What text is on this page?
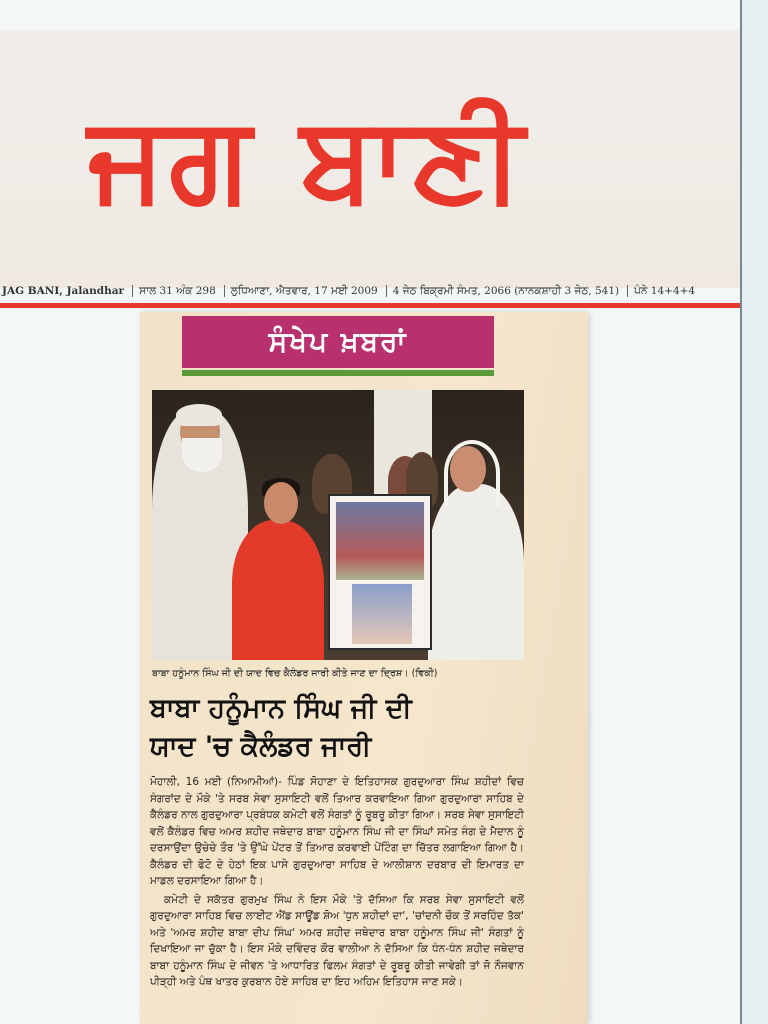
ਜਗ ਬਾਣੀ
JAG BANI, Jalandhar ਸਾਲ 31 ਅੰਕ 298 ਲੁਧਿਆਣਾ, ਐਤਵਾਰ, 17 ਮਈ 2009 4 ਜੇਠ ਬਿਕ੍ਰਮੀ ਸੰਮਤ, 2066 (ਨਾਨਕਸ਼ਾਹੀ 3 ਜੇਠ, 541) ਪੰਨੇ 14+4+4
ਸੰਖੇਪ ਖ਼ਬਰਾਂ
ਬਾਬਾ ਹਨੂੰਮਾਨ ਸਿੰਘ ਜੀ ਦੀ ਯਾਦ ਵਿਚ ਕੈਲੰਡਰ ਜਾਰੀ ਕੀਤੇ ਜਾਣ ਦਾ ਦ੍ਰਿਸ਼। (ਵਿਕੀ)
ਬਾਬਾ ਹਨੂੰਮਾਨ ਸਿੰਘ ਜੀ ਦੀ
ਯਾਦ 'ਚ ਕੈਲੰਡਰ ਜਾਰੀ

ਮੋਹਾਲੀ, 16 ਮਈ (ਨਿਆਮੀਆਂ)- ਪਿੰਡ ਸੋਹਾਣਾ ਦੇ ਇਤਿਹਾਸਕ ਗੁਰਦੁਆਰਾ ਸਿੰਘ ਸ਼ਹੀਦਾਂ ਵਿਚ ਸੰਗਰਾਂਦ ਦੇ ਮੌਕੇ 'ਤੇ ਸਰਬ ਸੇਵਾ ਸੁਸਾਇਟੀ ਵਲੋਂ ਤਿਆਰ ਕਰਵਾਇਆ ਗਿਆ ਗੁਰਦੁਆਰਾ ਸਾਹਿਬ ਦੇ ਕੈਲੰਡਰ ਨਾਲ ਗੁਰਦੁਆਰਾ ਪ੍ਰਬੰਧਕ ਕਮੇਟੀ ਵਲੋਂ ਸੰਗਤਾਂ ਨੂੰ ਰੂਬਰੂ ਕੀਤਾ ਗਿਆ। ਸਰਬ ਸੇਵਾ ਸੁਸਾਇਟੀ ਵਲੋਂ ਕੈਲੰਡਰ ਵਿਚ ਅਮਰ ਸ਼ਹੀਦ ਜਥੇਦਾਰ ਬਾਬਾ ਹਨੂੰਮਾਨ ਸਿੰਘ ਜੀ ਦਾ ਸਿੰਘਾਂ ਸਮੇਤ ਜੰਗ ਦੇ ਮੈਦਾਨ ਨੂੰ ਦਰਸਾਉਂਦਾ ਉਚੇਚੇ ਤੌਰ 'ਤੇ ਉੱਘੇ ਪੇਂਟਰ ਤੋਂ ਤਿਆਰ ਕਰਵਾਈ ਪੇਂਟਿੰਗ ਦਾ ਚਿੱਤਰ ਲਗਾਇਆ ਗਿਆ ਹੈ। ਕੈਲੰਡਰ ਦੀ ਫੋਟੋ ਦੇ ਹੇਠਾਂ ਇਕ ਪਾਸੇ ਗੁਰਦੁਆਰਾ ਸਾਹਿਬ ਦੇ ਆਲੀਸ਼ਾਨ ਦਰਬਾਰ ਦੀ ਇਮਾਰਤ ਦਾ ਮਾਡਲ ਦਰਸਾਇਆ ਗਿਆ ਹੈ।

ਕਮੇਟੀ ਦੇ ਸਕੱਤਰ ਗੁਰਮੁਖ ਸਿੰਘ ਨੇ ਇਸ ਮੌਕੇ 'ਤੇ ਦੱਸਿਆ ਕਿ ਸਰਬ ਸੇਵਾ ਸੁਸਾਇਟੀ ਵਲੋਂ ਗੁਰਦੁਆਰਾ ਸਾਹਿਬ ਵਿਚ ਲਾਈਟ ਐਂਡ ਸਾਊਂਡ ਸ਼ੋਅ 'ਧੁਨ ਸ਼ਹੀਦਾਂ ਦਾ', 'ਚਾਂਦਨੀ ਚੌਕ ਤੋਂ ਸਰਹਿੰਦ ਤੱਕ' ਅਤੇ 'ਅਮਰ ਸ਼ਹੀਦ ਬਾਬਾ ਦੀਪ ਸਿੰਘ' ਅਮਰ ਸ਼ਹੀਦ ਜਥੇਦਾਰ ਬਾਬਾ ਹਨੂੰਮਾਨ ਸਿੰਘ ਜੀ' ਸੰਗਤਾਂ ਨੂੰ ਦਿਖਾਇਆ ਜਾ ਚੁੱਕਾ ਹੈ। ਇਸ ਮੌਕੇ ਦਵਿੰਦਰ ਕੌਰ ਵਾਲੀਆ ਨੇ ਦੱਸਿਆ ਕਿ ਧੰਨ-ਧੰਨ ਸ਼ਹੀਦ ਜਥੇਦਾਰ ਬਾਬਾ ਹਨੂੰਮਾਨ ਸਿੰਘ ਦੇ ਜੀਵਨ 'ਤੇ ਆਧਾਰਿਤ ਫਿਲਮ ਸੰਗਤਾਂ ਦੇ ਰੂਬਰੂ ਕੀਤੀ ਜਾਵੇਗੀ ਤਾਂ ਜੋ ਨੌਜਵਾਨ ਪੀੜ੍ਹੀ ਅਤੇ ਪੰਥ ਖਾਤਰ ਕੁਰਬਾਨ ਹੋਏ ਸਾਹਿਬ ਦਾ ਇਹ ਅਹਿਮ ਇਤਿਹਾਸ ਜਾਣ ਸਕੇ।
